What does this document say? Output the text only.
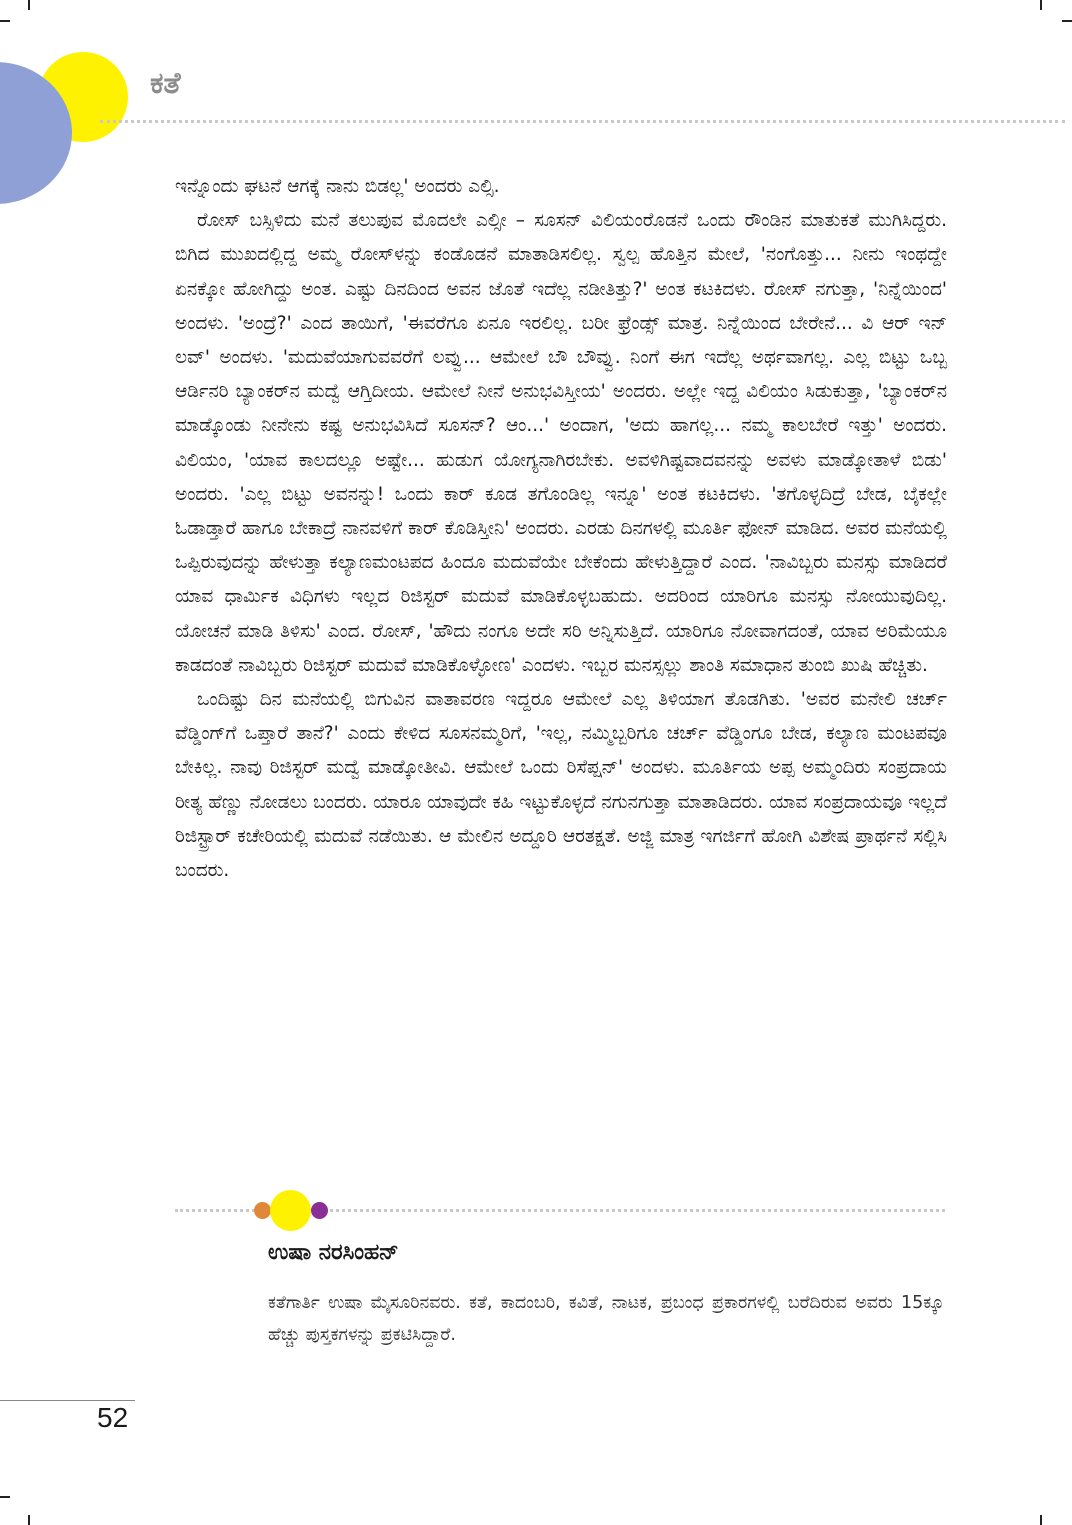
ಕತೆ

ಇನ್ನೊಂದು ಘಟನೆ ಆಗಕ್ಕೆ ನಾನು ಬಿಡಲ್ಲ' ಅಂದರು ಎಲ್ಸಿ.

ರೋಸ್ ಬಸ್ಸಿಳಿದು ಮನೆ ತಲುಪುವ ಮೊದಲೇ ಎಲ್ಸೀ – ಸೂಸನ್ ವಿಲಿಯಂರೊಡನೆ ಒಂದು ರೌಂಡಿನ ಮಾತುಕತೆ ಮುಗಿಸಿದ್ದರು. ಬಿಗಿದ ಮುಖದಲ್ಲಿದ್ದ ಅಮ್ಮ ರೋಸ್‌ಳನ್ನು ಕಂಡೊಡನೆ ಮಾತಾಡಿಸಲಿಲ್ಲ. ಸ್ವಲ್ಪ ಹೊತ್ತಿನ ಮೇಲೆ, 'ನಂಗೊತ್ತು... ನೀನು ಇಂಥದ್ದೇ ಏನಕ್ಕೋ ಹೋಗಿದ್ದು ಅಂತ. ಎಷ್ಟು ದಿನದಿಂದ ಅವನ ಜೊತೆ ಇದೆಲ್ಲ ನಡೀತಿತ್ತು?' ಅಂತ ಕಟಕಿದಳು. ರೋಸ್ ನಗುತ್ತಾ, 'ನಿನ್ನೆಯಿಂದ' ಅಂದಳು. 'ಅಂದ್ರೆ?' ಎಂದ ತಾಯಿಗೆ, 'ಈವರೆಗೂ ಏನೂ ಇರಲಿಲ್ಲ. ಬರೀ ಫ್ರೆಂಡ್ಸ್ ಮಾತ್ರ. ನಿನ್ನೆಯಿಂದ ಬೇರೇನೆ... ವಿ ಆರ್ ಇನ್ ಲವ್' ಅಂದಳು. 'ಮದುವೆಯಾಗುವವರೆಗೆ ಲವ್ವು... ಆಮೇಲೆ ಬೌ ಬೌವ್ವು. ನಿಂಗೆ ಈಗ ಇದೆಲ್ಲ ಅರ್ಥವಾಗಲ್ಲ. ಎಲ್ಲ ಬಿಟ್ಟು ಒಬ್ಬ ಆರ್ಡಿನರಿ ಬ್ಯಾಂಕರ್‌ನ ಮದ್ವೆ ಆಗ್ತಿದೀಯ. ಆಮೇಲೆ ನೀನೆ ಅನುಭವಿಸ್ತೀಯ' ಅಂದರು. ಅಲ್ಲೇ ಇದ್ದ ವಿಲಿಯಂ ಸಿಡುಕುತ್ತಾ, 'ಬ್ಯಾಂಕರ್‌ನ ಮಾಡ್ಕೊಂಡು ನೀನೇನು ಕಷ್ಟ ಅನುಭವಿಸಿದೆ ಸೂಸನ್? ಆಂ...' ಅಂದಾಗ, 'ಅದು ಹಾಗಲ್ಲ... ನಮ್ಮ ಕಾಲಬೇರೆ ಇತ್ತು' ಅಂದರು. ವಿಲಿಯಂ, 'ಯಾವ ಕಾಲದಲ್ಲೂ ಅಷ್ಟೇ... ಹುಡುಗ ಯೋಗ್ಯನಾಗಿರಬೇಕು. ಅವಳಿಗಿಷ್ಟವಾದವನನ್ನು ಅವಳು ಮಾಡ್ಕೋತಾಳೆ ಬಿಡು' ಅಂದರು. 'ಎಲ್ಲ ಬಿಟ್ಟು ಅವನನ್ನು! ಒಂದು ಕಾರ್ ಕೂಡ ತಗೊಂಡಿಲ್ಲ ಇನ್ನೂ' ಅಂತ ಕಟಕಿದಳು. 'ತಗೊಳ್ಳದಿದ್ರೆ ಬೇಡ, ಬೈಕಲ್ಲೇ ಓಡಾಡ್ತಾರೆ ಹಾಗೂ ಬೇಕಾದ್ರೆ ನಾನವಳಿಗೆ ಕಾರ್ ಕೊಡಿಸ್ತೀನಿ' ಅಂದರು. ಎರಡು ದಿನಗಳಲ್ಲಿ ಮೂರ್ತಿ ಫೋನ್ ಮಾಡಿದ. ಅವರ ಮನೆಯಲ್ಲಿ ಒಪ್ಪಿರುವುದನ್ನು ಹೇಳುತ್ತಾ ಕಲ್ಯಾಣಮಂಟಪದ ಹಿಂದೂ ಮದುವೆಯೇ ಬೇಕೆಂದು ಹೇಳುತ್ತಿದ್ದಾರೆ ಎಂದ. 'ನಾವಿಬ್ಬರು ಮನಸ್ಸು ಮಾಡಿದರೆ ಯಾವ ಧಾರ್ಮಿಕ ವಿಧಿಗಳು ಇಲ್ಲದ ರಿಜಿಸ್ಟರ್ ಮದುವೆ ಮಾಡಿಕೊಳ್ಳಬಹುದು. ಅದರಿಂದ ಯಾರಿಗೂ ಮನಸ್ಸು ನೋಯುವುದಿಲ್ಲ. ಯೋಚನೆ ಮಾಡಿ ತಿಳಿಸು' ಎಂದ. ರೋಸ್, 'ಹೌದು ನಂಗೂ ಅದೇ ಸರಿ ಅನ್ನಿಸುತ್ತಿದೆ. ಯಾರಿಗೂ ನೋವಾಗದಂತೆ, ಯಾವ ಅರಿಮೆಯೂ ಕಾಡದಂತೆ ನಾವಿಬ್ಬರು ರಿಜಿಸ್ಟರ್ ಮದುವೆ ಮಾಡಿಕೊಳ್ಳೋಣ' ಎಂದಳು. ಇಬ್ಬರ ಮನಸ್ಸಲ್ಲು ಶಾಂತಿ ಸಮಾಧಾನ ತುಂಬಿ ಖುಷಿ ಹೆಚ್ಚಿತು.

ಒಂದಿಷ್ಟು ದಿನ ಮನೆಯಲ್ಲಿ ಬಿಗುವಿನ ವಾತಾವರಣ ಇದ್ದರೂ ಆಮೇಲೆ ಎಲ್ಲ ತಿಳಿಯಾಗ ತೊಡಗಿತು. 'ಅವರ ಮನೇಲಿ ಚರ್ಚ್ ವೆಡ್ಡಿಂಗ್‌ಗೆ ಒಪ್ತಾರೆ ತಾನೆ?' ಎಂದು ಕೇಳಿದ ಸೂಸನಮ್ಮರಿಗೆ, 'ಇಲ್ಲ, ನಮ್ಮಿಬ್ಬರಿಗೂ ಚರ್ಚ್ ವೆಡ್ಡಿಂಗೂ ಬೇಡ, ಕಲ್ಯಾಣ ಮಂಟಪವೂ ಬೇಕಿಲ್ಲ. ನಾವು ರಿಜಿಸ್ಟರ್ ಮದ್ವೆ ಮಾಡ್ಕೋತೀವಿ. ಆಮೇಲೆ ಒಂದು ರಿಸೆಪ್ಷನ್' ಅಂದಳು. ಮೂರ್ತಿಯ ಅಪ್ಪ ಅಮ್ಮಂದಿರು ಸಂಪ್ರದಾಯ ರೀತ್ಯ ಹೆಣ್ಣು ನೋಡಲು ಬಂದರು. ಯಾರೂ ಯಾವುದೇ ಕಹಿ ಇಟ್ಟುಕೊಳ್ಳದೆ ನಗುನಗುತ್ತಾ ಮಾತಾಡಿದರು. ಯಾವ ಸಂಪ್ರದಾಯವೂ ಇಲ್ಲದೆ ರಿಜಿಸ್ಟ್ರಾರ್ ಕಚೇರಿಯಲ್ಲಿ ಮದುವೆ ನಡೆಯಿತು. ಆ ಮೇಲಿನ ಅದ್ದೂರಿ ಆರತಕ್ಷತೆ. ಅಜ್ಜಿ ಮಾತ್ರ ಇಗರ್ಜಿಗೆ ಹೋಗಿ ವಿಶೇಷ ಪ್ರಾರ್ಥನೆ ಸಲ್ಲಿಸಿ ಬಂದರು.

ಉಷಾ ನರಸಿಂಹನ್

ಕತೆಗಾರ್ತಿ ಉಷಾ ಮೈಸೂರಿನವರು. ಕತೆ, ಕಾದಂಬರಿ, ಕವಿತೆ, ನಾಟಕ, ಪ್ರಬಂಧ ಪ್ರಕಾರಗಳಲ್ಲಿ ಬರೆದಿರುವ ಅವರು 15ಕ್ಕೂ ಹೆಚ್ಚು ಪುಸ್ತಕಗಳನ್ನು ಪ್ರಕಟಿಸಿದ್ದಾರೆ.

52
